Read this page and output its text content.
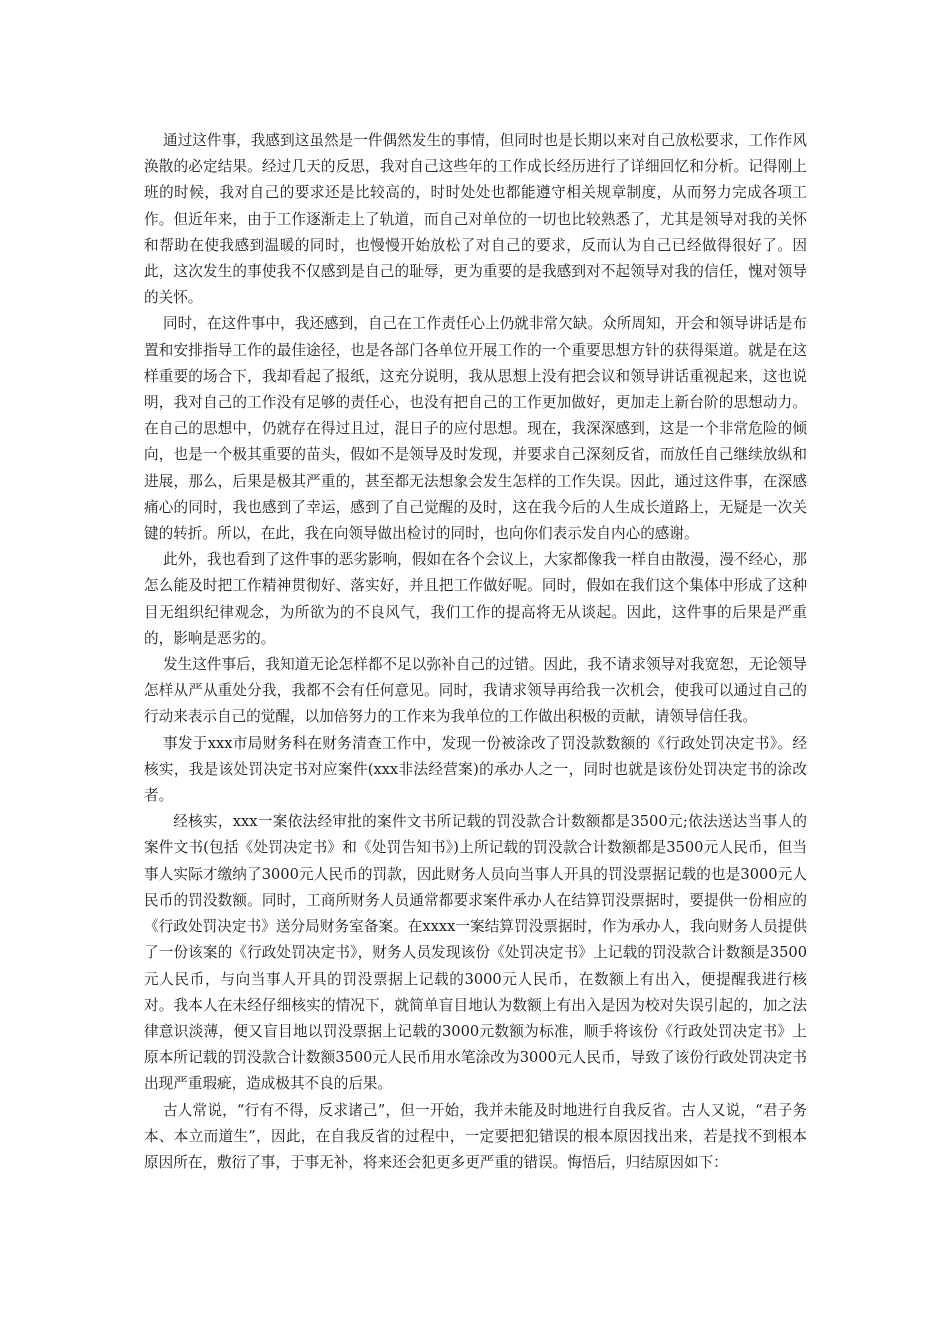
通过这件事，我感到这虽然是一件偶然发生的事情，但同时也是长期以来对自己放松要求，工作作风涣散的必定结果。经过几天的反思，我对自己这些年的工作成长经历进行了详细回忆和分析。记得刚上班的时候，我对自己的要求还是比较高的，时时处处也都能遵守相关规章制度，从而努力完成各项工作。但近年来，由于工作逐渐走上了轨道，而自己对单位的一切也比较熟悉了，尤其是领导对我的关怀和帮助在使我感到温暖的同时，也慢慢开始放松了对自己的要求，反而认为自己已经做得很好了。因此，这次发生的事使我不仅感到是自己的耻辱，更为重要的是我感到对不起领导对我的信任，愧对领导的关怀。

同时，在这件事中，我还感到，自己在工作责任心上仍就非常欠缺。众所周知，开会和领导讲话是布置和安排指导工作的最佳途径，也是各部门各单位开展工作的一个重要思想方针的获得渠道。就是在这样重要的场合下，我却看起了报纸，这充分说明，我从思想上没有把会议和领导讲话重视起来，这也说明，我对自己的工作没有足够的责任心，也没有把自己的工作更加做好，更加走上新台阶的思想动力。在自己的思想中，仍就存在得过且过，混日子的应付思想。现在，我深深感到，这是一个非常危险的倾向，也是一个极其重要的苗头，假如不是领导及时发现，并要求自己深刻反省，而放任自己继续放纵和进展，那么，后果是极其严重的，甚至都无法想象会发生怎样的工作失误。因此，通过这件事，在深感痛心的同时，我也感到了幸运，感到了自己觉醒的及时，这在我今后的人生成长道路上，无疑是一次关键的转折。所以，在此，我在向领导做出检讨的同时，也向你们表示发自内心的感谢。

此外，我也看到了这件事的恶劣影响，假如在各个会议上，大家都像我一样自由散漫，漫不经心，那怎么能及时把工作精神贯彻好、落实好，并且把工作做好呢。同时，假如在我们这个集体中形成了这种目无组织纪律观念，为所欲为的不良风气，我们工作的提高将无从谈起。因此，这件事的后果是严重的，影响是恶劣的。

发生这件事后，我知道无论怎样都不足以弥补自己的过错。因此，我不请求领导对我宽恕，无论领导怎样从严从重处分我，我都不会有任何意见。同时，我请求领导再给我一次机会，使我可以通过自己的行动来表示自己的觉醒，以加倍努力的工作来为我单位的工作做出积极的贡献，请领导信任我。

事发于xxx市局财务科在财务清查工作中，发现一份被涂改了罚没款数额的《行政处罚决定书》。经核实，我是该处罚决定书对应案件(xxx非法经营案)的承办人之一，同时也就是该份处罚决定书的涂改者。

经核实，xxx一案依法经审批的案件文书所记载的罚没款合计数额都是3500元;依法送达当事人的案件文书(包括《处罚决定书》和《处罚告知书》)上所记载的罚没款合计数额都是3500元人民币，但当事人实际才缴纳了3000元人民币的罚款，因此财务人员向当事人开具的罚没票据记载的也是3000元人民币的罚没数额。同时，工商所财务人员通常都要求案件承办人在结算罚没票据时，要提供一份相应的《行政处罚决定书》送分局财务室备案。在xxxx一案结算罚没票据时，作为承办人，我向财务人员提供了一份该案的《行政处罚决定书》，财务人员发现该份《处罚决定书》上记载的罚没款合计数额是3500元人民币，与向当事人开具的罚没票据上记载的3000元人民币，在数额上有出入，便提醒我进行核对。我本人在未经仔细核实的情况下，就简单盲目地认为数额上有出入是因为校对失误引起的，加之法律意识淡薄，便又盲目地以罚没票据上记载的3000元数额为标准，顺手将该份《行政处罚决定书》上原本所记载的罚没款合计数额3500元人民币用水笔涂改为3000元人民币，导致了该份行政处罚决定书出现严重瑕疵，造成极其不良的后果。

古人常说，“行有不得，反求诸己”，但一开始，我并未能及时地进行自我反省。古人又说，“君子务本、本立而道生”，因此，在自我反省的过程中，一定要把犯错误的根本原因找出来，若是找不到根本原因所在，敷衍了事，于事无补，将来还会犯更多更严重的错误。悔悟后，归结原因如下：
